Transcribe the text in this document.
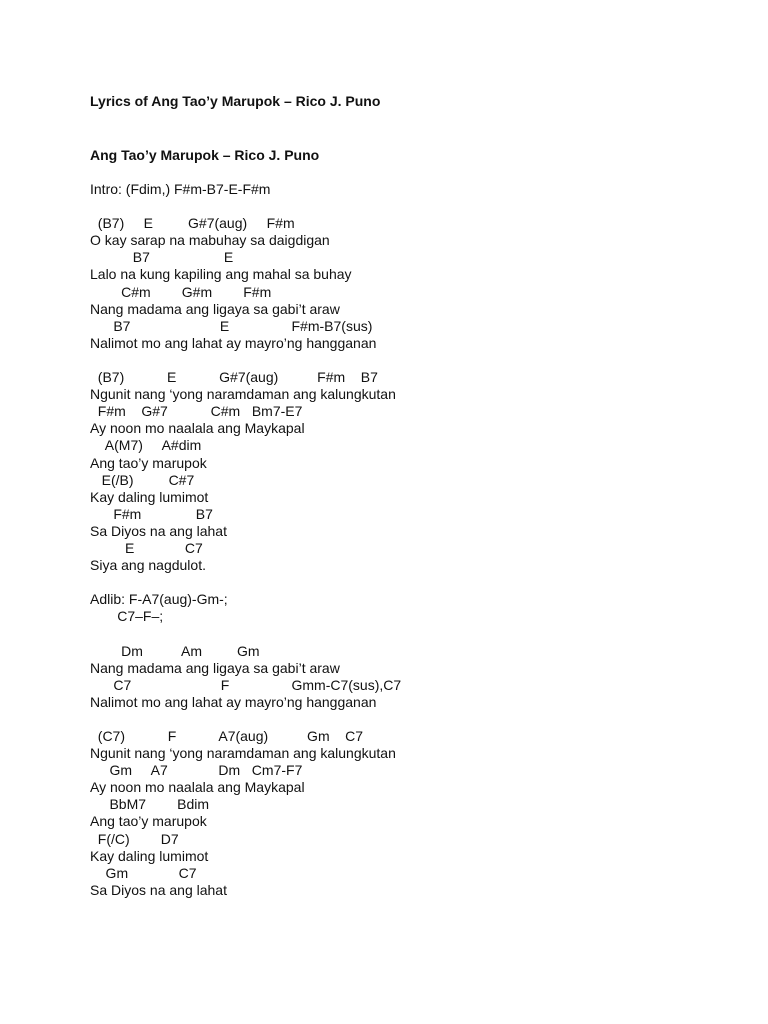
Lyrics of Ang Tao’y Marupok – Rico J. Puno
Ang Tao’y Marupok – Rico J. Puno
Intro: (Fdim,) F#m-B7-E-F#m
(B7)     E         G#7(aug)     F#m
O kay sarap na mabuhay sa daigdigan
B7                   E
Lalo na kung kapiling ang mahal sa buhay
C#m        G#m        F#m
Nang madama ang ligaya sa gabi’t araw
B7                       E                F#m-B7(sus)
Nalimot mo ang lahat ay mayro’ng hangganan
(B7)           E           G#7(aug)          F#m    B7
Ngunit nang ‘yong naramdaman ang kalungkutan
F#m    G#7           C#m   Bm7-E7
Ay noon mo naalala ang Maykapal
A(M7)     A#dim
Ang tao’y marupok
E(/B)         C#7
Kay daling lumimot
F#m              B7
Sa Diyos na ang lahat
E             C7
Siya ang nagdulot.
Adlib: F-A7(aug)-Gm-;
C7–F–;
Dm          Am         Gm
Nang madama ang ligaya sa gabi’t araw
C7                       F                Gmm-C7(sus),C7
Nalimot mo ang lahat ay mayro’ng hangganan
(C7)           F           A7(aug)          Gm    C7
Ngunit nang ‘yong naramdaman ang kalungkutan
Gm     A7             Dm   Cm7-F7
Ay noon mo naalala ang Maykapal
BbM7        Bdim
Ang tao’y marupok
F(/C)        D7
Kay daling lumimot
Gm             C7
Sa Diyos na ang lahat
